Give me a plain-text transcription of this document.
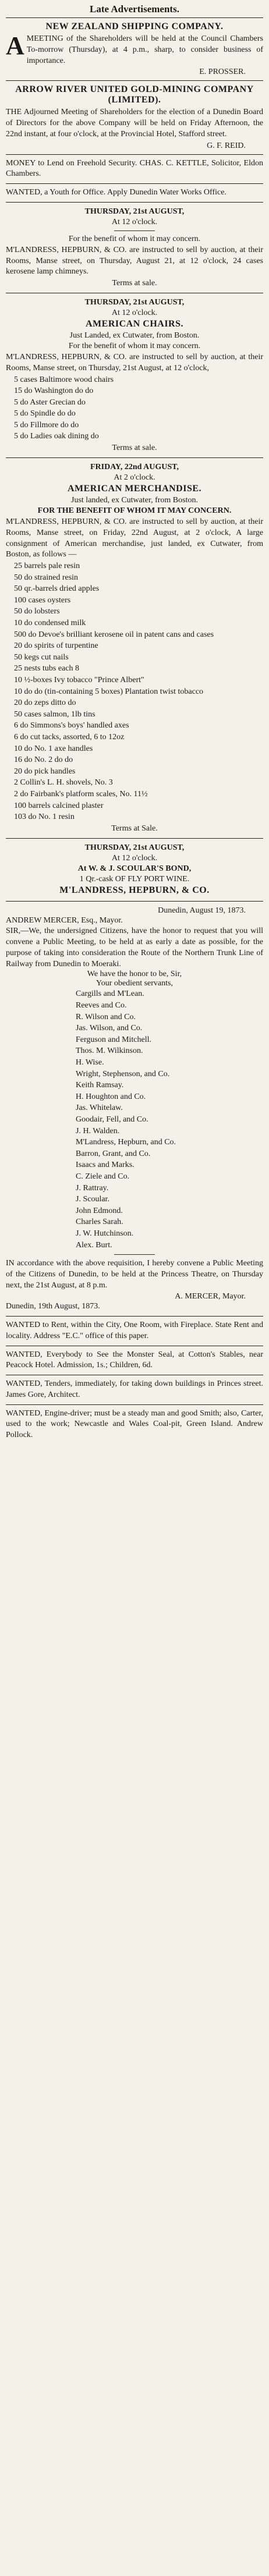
Late Advertisements.
NEW ZEALAND SHIPPING COMPANY.
A MEETING of the Shareholders will be held at the Council Chambers To-morrow (Thursday), at 4 p.m., sharp, to consider business of importance.
E. PROSSER.
ARROW RIVER UNITED GOLD-MINING COMPANY (LIMITED).
THE Adjourned Meeting of Shareholders for the election of a Dunedin Board of Directors for the above Company will be held on Friday Afternoon, the 22nd instant, at four o'clock, at the Provincial Hotel, Stafford street.
G. F. REID.
MONEY to Lend on Freehold Security. CHAS. C. KETTLE, Solicitor, Eldon Chambers.
WANTED, a Youth for Office. Apply Dunedin Water Works Office.
THURSDAY, 21st AUGUST,
At 12 o'clock.
For the benefit of whom it may concern.
M'LANDRESS, HEPBURN, & CO. are instructed to sell by auction, at their Rooms, Manse street, on Thursday, August 21, at 12 o'clock, 24 cases kerosene lamp chimneys.
Terms at sale.
THURSDAY, 21st AUGUST,
At 12 o'clock.
AMERICAN CHAIRS.
Just Landed, ex Cutwater, from Boston.
For the benefit of whom it may concern.
M'LANDRESS, HEPBURN, & CO. are instructed to sell by auction, at their Rooms, Manse street, on Thursday, 21st August, at 12 o'clock,
5 cases Baltimore wood chairs
15 do Washington do do
5 do Aster Grecian do
5 do Spindle do do
5 do Fillmore do do
5 do Ladies oak dining do
Terms at sale.
FRIDAY, 22nd AUGUST,
At 2 o'clock.
AMERICAN MERCHANDISE.
Just landed, ex Cutwater, from Boston.
FOR THE BENEFIT OF WHOM IT MAY CONCERN.
M'LANDRESS, HEPBURN, & CO. are instructed to sell by auction, at their Rooms, Manse street, on Friday, 22nd August, at 2 o'clock, A large consignment of American merchandise, just landed, ex Cutwater, from Boston, as follows —
25 barrels pale resin
50 do strained resin
50 qr.-barrels dried apples
100 cases oysters
50 do lobsters
10 do condensed milk
500 do Devoe's brilliant kerosene oil in patent cans and cases
20 do spirits of turpentine
50 kegs cut nails
25 nests tubs each 8
10 ½-boxes Ivy tobacco "Prince Albert"
10 do do (tin-containing 5 boxes) Plantation twist tobacco
20 do zeps ditto do
50 cases salmon, 1lb tins
6 do Simmons's boys' handled axes
6 do cut tacks, assorted, 6 to 12oz
10 do No. 1 axe handles
16 do No. 2 do do
20 do pick handles
2 Collin's L. H. shovels, No. 3
2 do Fairbank's platform scales, No. 11½
100 barrels calcined plaster
103 do No. 1 resin
Terms at Sale.
THURSDAY, 21st AUGUST,
At 12 o'clock.
At W. & J. SCOULAR'S BOND,
1 Qr.-cask OF FLY PORT WINE.
M'LANDRESS, HEPBURN, & CO.
Dunedin, August 19, 1873.
ANDREW MERCER, Esq., Mayor.
SIR,—We, the undersigned Citizens, have the honor to request that you will convene a Public Meeting, to be held at as early a date as possible, for the purpose of taking into consideration the Route of the Northern Trunk Line of Railway from Dunedin to Moeraki.
We have the honor to be, Sir,
Your obedient servants,
Cargills and M'Lean.
Reeves and Co.
R. Wilson and Co.
Jas. Wilson, and Co.
Ferguson and Mitchell.
Thos. M. Wilkinson.
H. Wise.
Wright, Stephenson, and Co.
Keith Ramsay.
H. Houghton and Co.
Jas. Whitelaw.
Goodair, Fell, and Co.
J. H. Walden.
M'Landress, Hepburn, and Co.
Barron, Grant, and Co.
Isaacs and Marks.
C. Ziele and Co.
J. Rattray.
J. Scoular.
John Edmond.
Charles Sarah.
J. W. Hutchinson.
Alex. Burt.
IN accordance with the above requisition, I hereby convene a Public Meeting of the Citizens of Dunedin, to be held at the Princess Theatre, on Thursday next, the 21st August, at 8 p.m.
A. MERCER, Mayor.
Dunedin, 19th August, 1873.
WANTED to Rent, within the City, One Room, with Fireplace. State Rent and locality. Address "E.C." office of this paper.
WANTED, Everybody to See the Monster Seal, at Cotton's Stables, near Peacock Hotel. Admission, 1s.; Children, 6d.
WANTED, Tenders, immediately, for taking down buildings in Princes street. James Gore, Architect.
WANTED, Engine-driver; must be a steady man and good Smith; also, Carter, used to the work; Newcastle and Wales Coal-pit, Green Island. Andrew Pollock.
